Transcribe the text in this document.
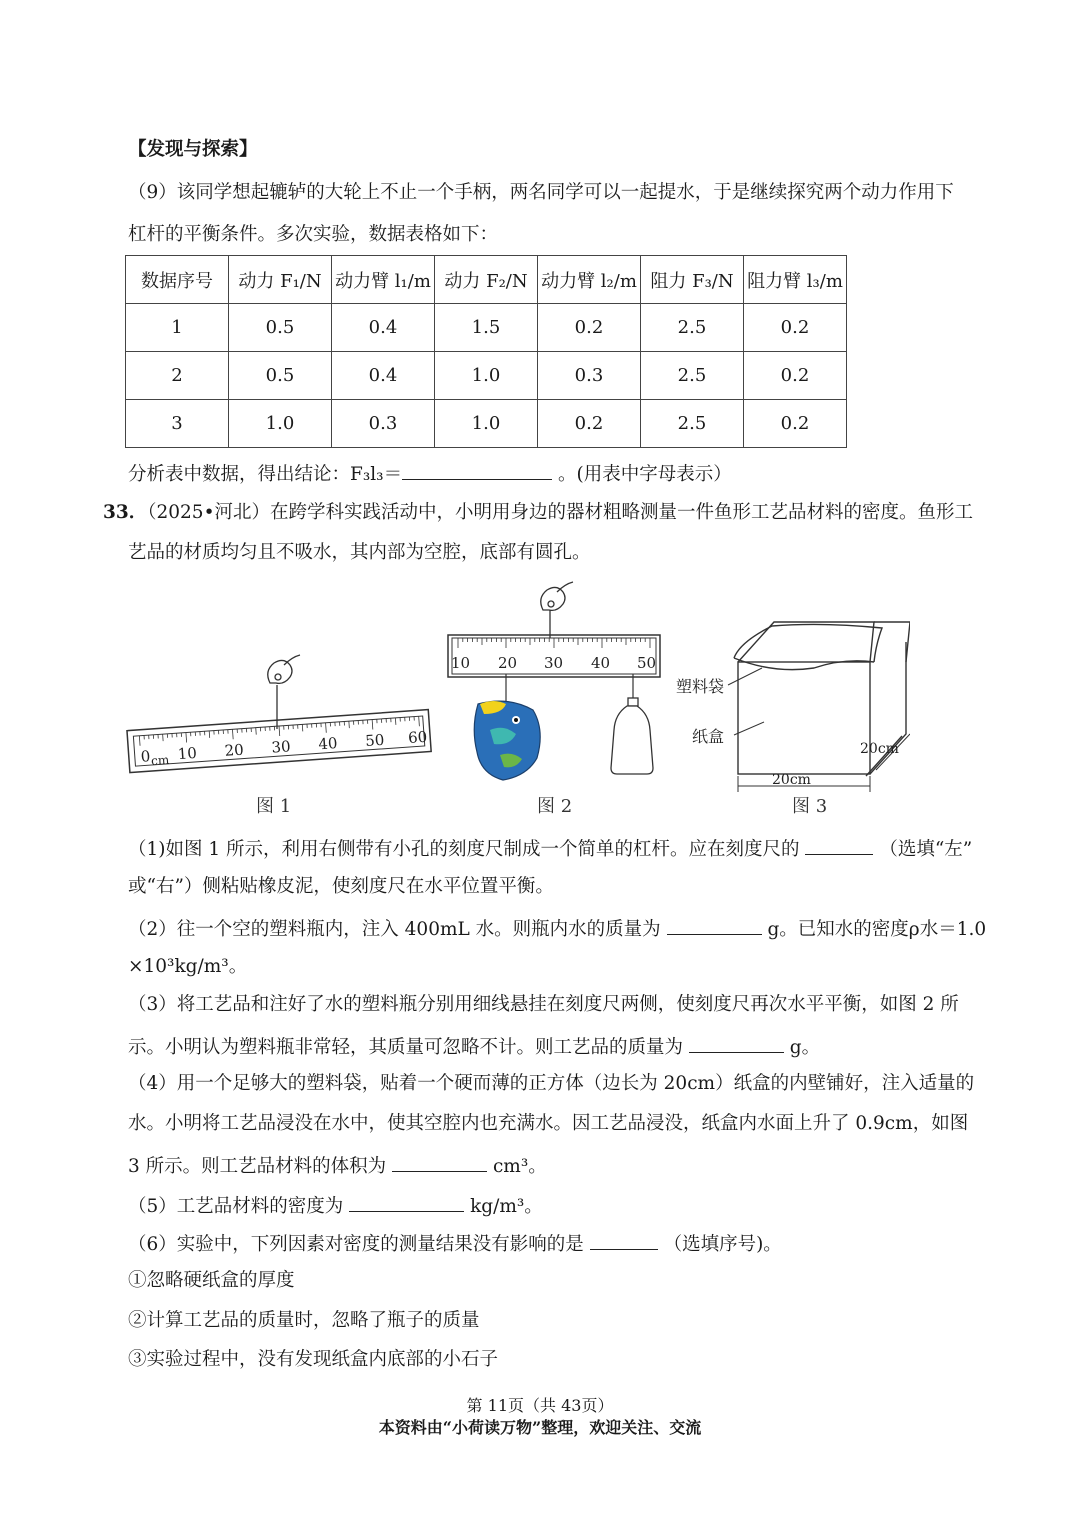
【发现与探索】
（9）该同学想起辘轳的大轮上不止一个手柄，两名同学可以一起提水，于是继续探究两个动力作用下
杠杆的平衡条件。多次实验，数据表格如下：
数据序号	动力 F₁/N	动力臂 l₁/m	动力 F₂/N	动力臂 l₂/m	阻力 F₃/N	阻力臂 l₃/m
1	0.5	0.4	1.5	0.2	2.5	0.2
2	0.5	0.4	1.0	0.3	2.5	0.2
3	1.0	0.3	1.0	0.2	2.5	0.2
分析表中数据，得出结论：F₃l₃＝	。(用表中字母表示）
33．（2025•河北）在跨学科实践活动中，小明用身边的器材粗略测量一件鱼形工艺品材料的密度。鱼形工
艺品的材质均匀且不吸水，其内部为空腔，底部有圆孔。
0 cm 10 20 30 40 50 60
图 1
10 20 30 40 50
图 2
塑料袋
纸盒
20cm
20cm
图 3
（1)如图 1 所示，利用右侧带有小孔的刻度尺制成一个简单的杠杆。应在刻度尺的	（选填“左”
或“右”）侧粘贴橡皮泥，使刻度尺在水平位置平衡。
（2）往一个空的塑料瓶内，注入 400mL 水。则瓶内水的质量为	g。已知水的密度ρ水＝1.0
×10³kg/m³。
（3）将工艺品和注好了水的塑料瓶分别用细线悬挂在刻度尺两侧，使刻度尺再次水平平衡，如图 2 所
示。小明认为塑料瓶非常轻，其质量可忽略不计。则工艺品的质量为	g。
（4）用一个足够大的塑料袋，贴着一个硬而薄的正方体（边长为 20cm）纸盒的内壁铺好，注入适量的
水。小明将工艺品浸没在水中，使其空腔内也充满水。因工艺品浸没，纸盒内水面上升了 0.9cm，如图
3 所示。则工艺品材料的体积为	cm³。
（5）工艺品材料的密度为	kg/m³。
（6）实验中，下列因素对密度的测量结果没有影响的是	（选填序号)。
①忽略硬纸盒的厚度
②计算工艺品的质量时，忽略了瓶子的质量
③实验过程中，没有发现纸盒内底部的小石子
第 11页（共 43页）
本资料由“小荷读万物”整理，欢迎关注、交流
